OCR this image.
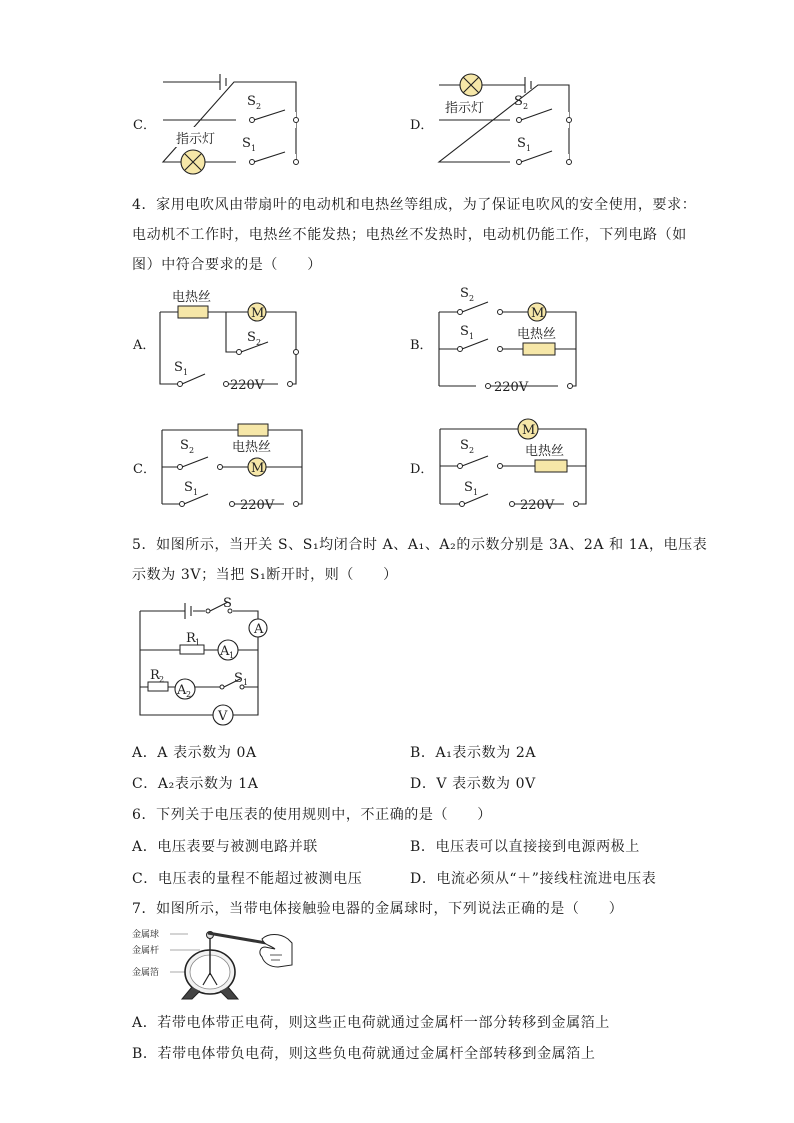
C．
指示灯
S 2
S 1
D．
指示灯 S 2
S 1
4．家用电吹风由带扇叶的电动机和电热丝等组成，为了保证电吹风的安全使用，要求：
电动机不工作时，电热丝不能发热；电热丝不发热时，电动机仍能工作，下列电路（如
图）中符合要求的是（　　）
A．
电热丝
M
S 2
S 1
220V
B．
S 2
M
S 1	电热丝
220V
C．
电热丝
S 2
M
S 1
220V
D．
M
S 2	电热丝
S 1
220V
5．如图所示，当开关 S、S₁均闭合时 A、A₁、A₂的示数分别是 3A、2A 和 1A，电压表
示数为 3V；当把 S₁断开时，则（　　）
S
A
R 1
A 1
R 2
A 2
S 1
V
A．A 表示数为 0A	B．A₁表示数为 2A
C．A₂表示数为 1A	D．V 表示数为 0V
6．下列关于电压表的使用规则中，不正确的是（　　）
A．电压表要与被测电路并联	B．电压表可以直接接到电源两极上
C．电压表的量程不能超过被测电压	D．电流必须从“＋”接线柱流进电压表
7．如图所示，当带电体接触验电器的金属球时，下列说法正确的是（　　）
金属球
金属杆
金属箔
A．若带电体带正电荷，则这些正电荷就通过金属杆一部分转移到金属箔上
B．若带电体带负电荷，则这些负电荷就通过金属杆全部转移到金属箔上
